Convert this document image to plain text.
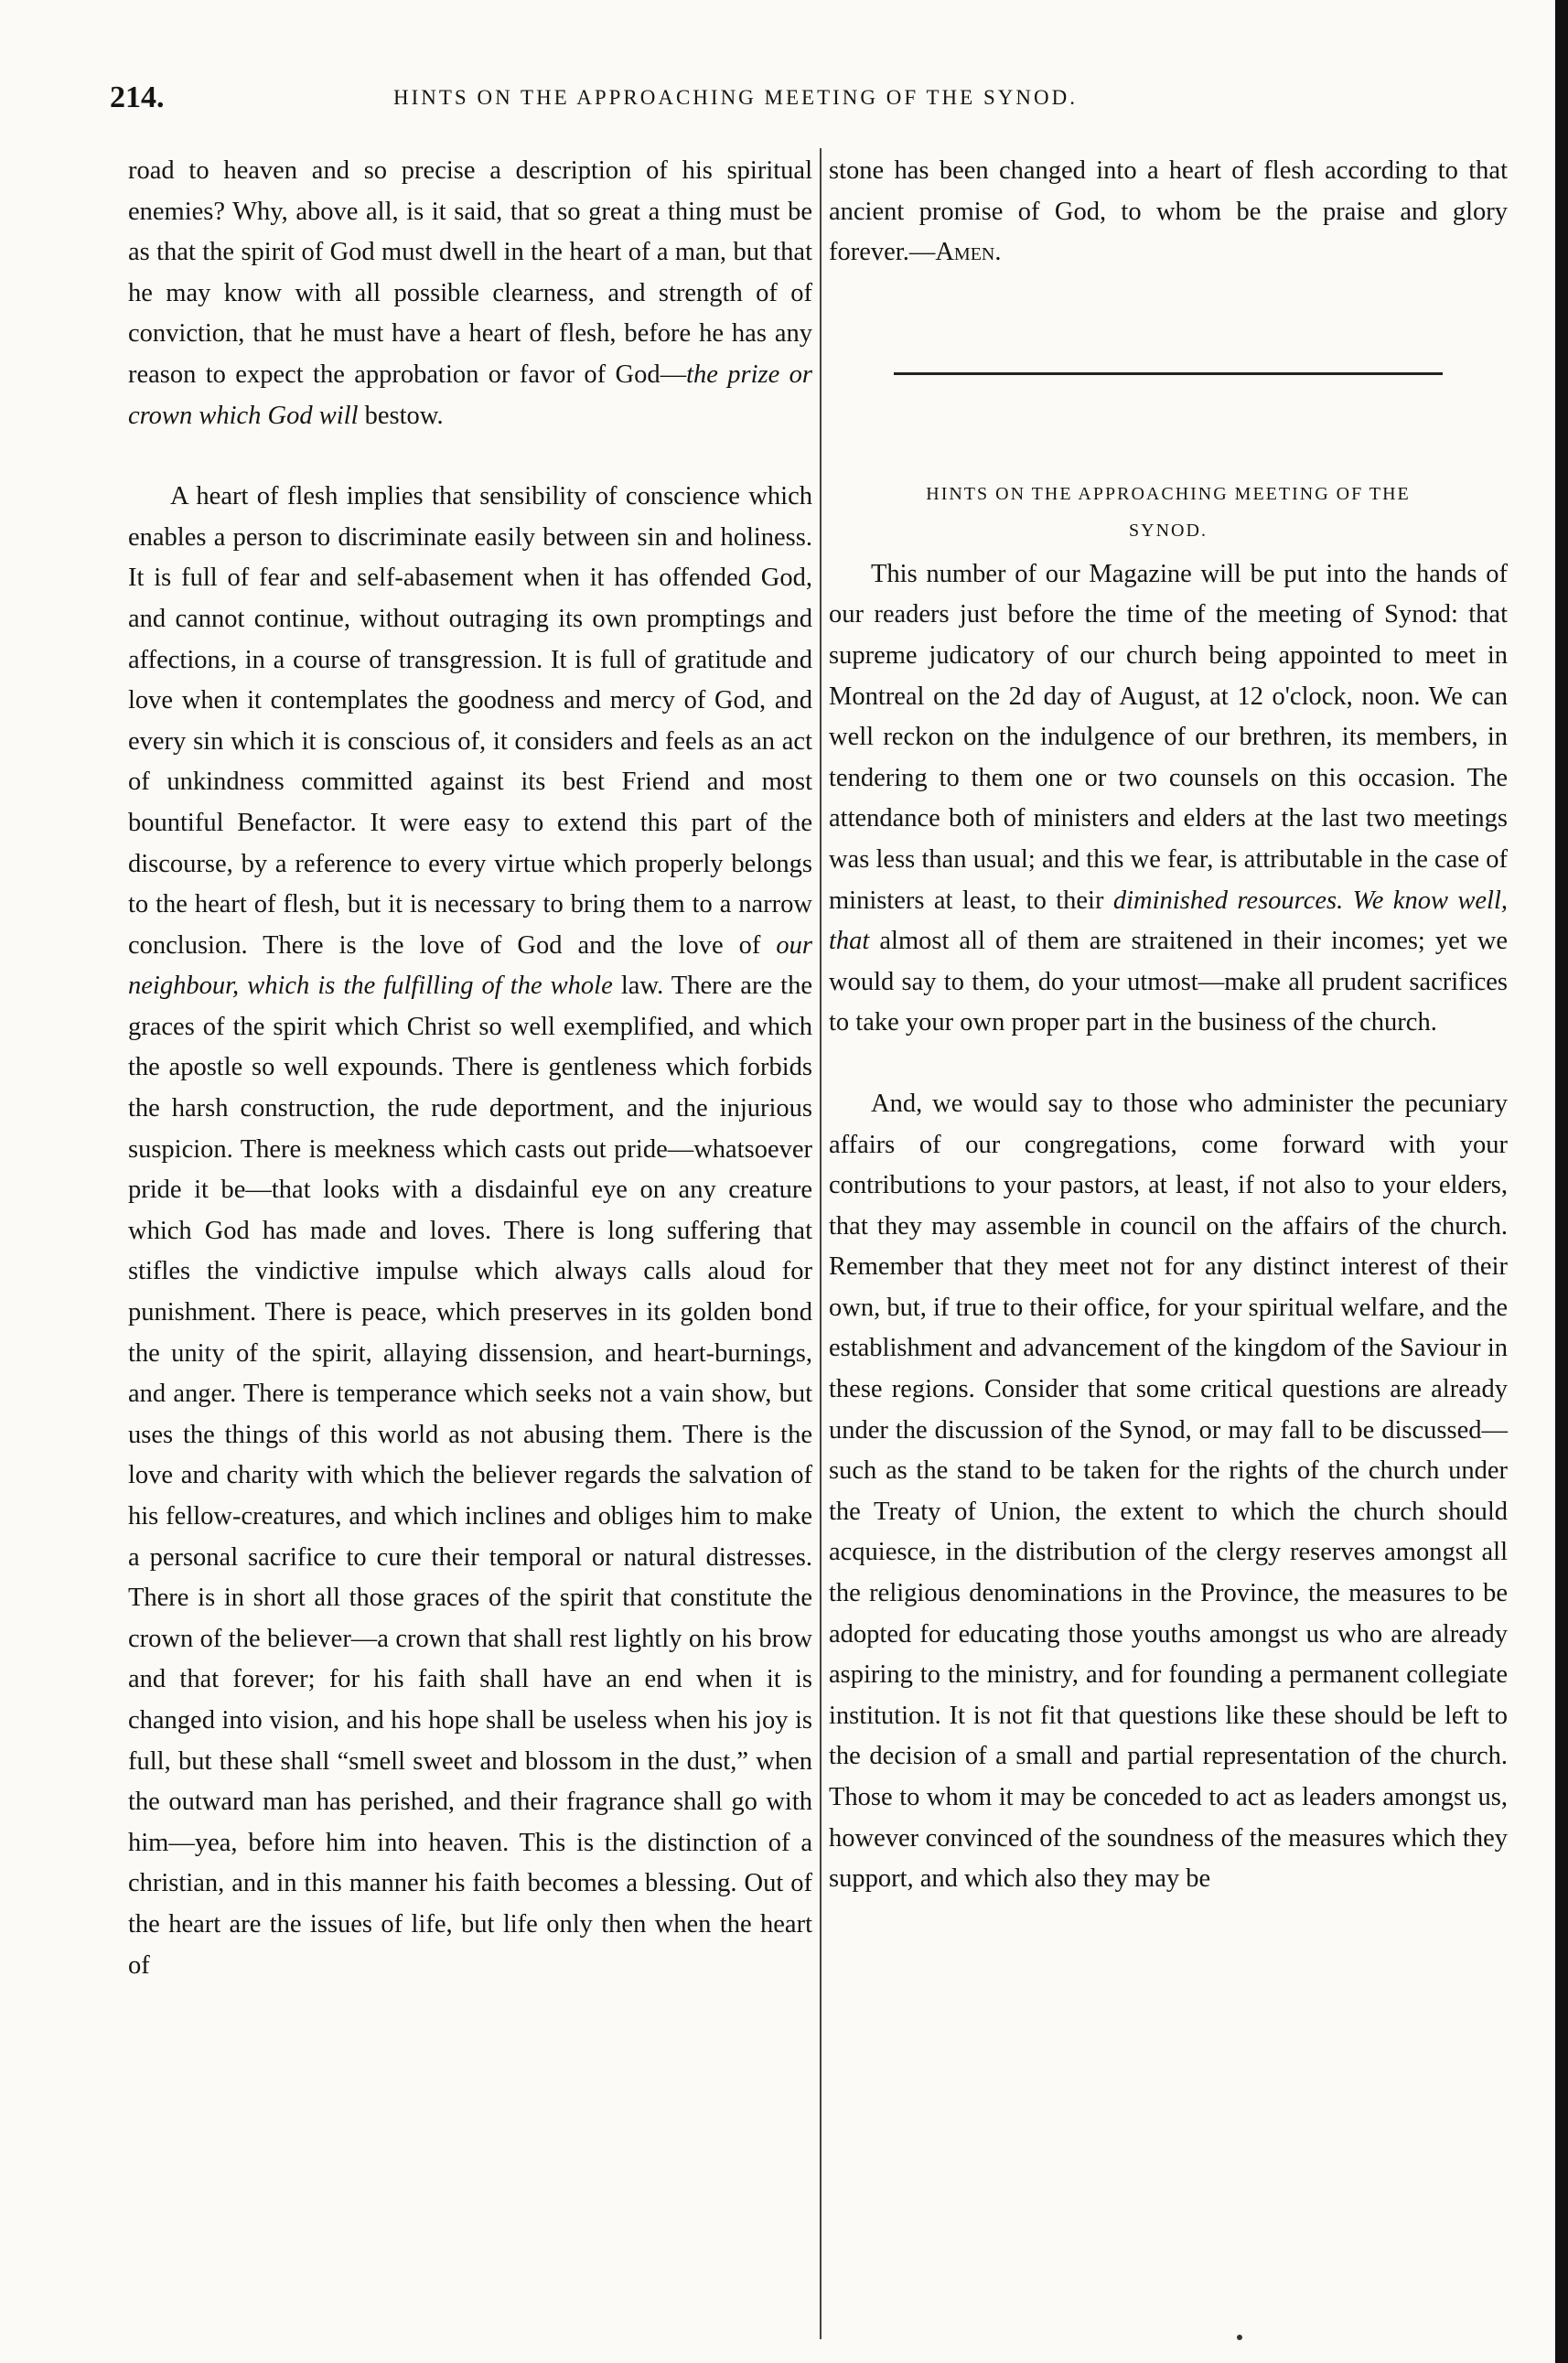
214.	HINTS ON THE APPROACHING MEETING OF THE SYNOD.

road to heaven and so precise a description of his spiritual enemies? Why, above all, is it said, that so great a thing must be as that the spirit of God must dwell in the heart of a man, but that he may know with all possible clearness, and strength of of conviction, that he must have a heart of flesh, before he has any reason to expect the approbation or favor of God—the prize or crown which God will bestow.

A heart of flesh implies that sensibility of conscience which enables a person to discriminate easily between sin and holiness. It is full of fear and self-abasement when it has offended God, and cannot continue, without outraging its own promptings and affections, in a course of transgression. It is full of gratitude and love when it contemplates the goodness and mercy of God, and every sin which it is conscious of, it considers and feels as an act of unkindness committed against its best Friend and most bountiful Benefactor. It were easy to extend this part of the discourse, by a reference to every virtue which properly belongs to the heart of flesh, but it is necessary to bring them to a narrow conclusion. There is the love of God and the love of our neighbour, which is the fulfilling of the whole law. There are the graces of the spirit which Christ so well exemplified, and which the apostle so well expounds. There is gentleness which forbids the harsh construction, the rude deportment, and the injurious suspicion. There is meekness which casts out pride—whatsoever pride it be—that looks with a disdainful eye on any creature which God has made and loves. There is long suffering that stifles the vindictive impulse which always calls aloud for punishment. There is peace, which preserves in its golden bond the unity of the spirit, allaying dissension, and heart-burnings, and anger. There is temperance which seeks not a vain show, but uses the things of this world as not abusing them. There is the love and charity with which the believer regards the salvation of his fellow-creatures, and which inclines and obliges him to make a personal sacrifice to cure their temporal or natural distresses. There is in short all those graces of the spirit that constitute the crown of the believer—a crown that shall rest lightly on his brow and that forever; for his faith shall have an end when it is changed into vision, and his hope shall be useless when his joy is full, but these shall “smell sweet and blossom in the dust,” when the outward man has perished, and their fragrance shall go with him—yea, before him into heaven. This is the distinction of a christian, and in this manner his faith becomes a blessing. Out of the heart are the issues of life, but life only then when the heart of

stone has been changed into a heart of flesh according to that ancient promise of God, to whom be the praise and glory forever.—Amen.

HINTS ON THE APPROACHING MEETING OF THE
SYNOD.

This number of our Magazine will be put into the hands of our readers just before the time of the meeting of Synod: that supreme judicatory of our church being appointed to meet in Montreal on the 2d day of August, at 12 o'clock, noon. We can well reckon on the indulgence of our brethren, its members, in tendering to them one or two counsels on this occasion. The attendance both of ministers and elders at the last two meetings was less than usual; and this we fear, is attributable in the case of ministers at least, to their diminished resources. We know well, that almost all of them are straitened in their incomes; yet we would say to them, do your utmost—make all prudent sacrifices to take your own proper part in the business of the church.

And, we would say to those who administer the pecuniary affairs of our congregations, come forward with your contributions to your pastors, at least, if not also to your elders, that they may assemble in council on the affairs of the church. Remember that they meet not for any distinct interest of their own, but, if true to their office, for your spiritual welfare, and the establishment and advancement of the kingdom of the Saviour in these regions. Consider that some critical questions are already under the discussion of the Synod, or may fall to be discussed—such as the stand to be taken for the rights of the church under the Treaty of Union, the extent to which the church should acquiesce, in the distribution of the clergy reserves amongst all the religious denominations in the Province, the measures to be adopted for educating those youths amongst us who are already aspiring to the ministry, and for founding a permanent collegiate institution. It is not fit that questions like these should be left to the decision of a small and partial representation of the church. Those to whom it may be conceded to act as leaders amongst us, however convinced of the soundness of the measures which they support, and which also they may be
